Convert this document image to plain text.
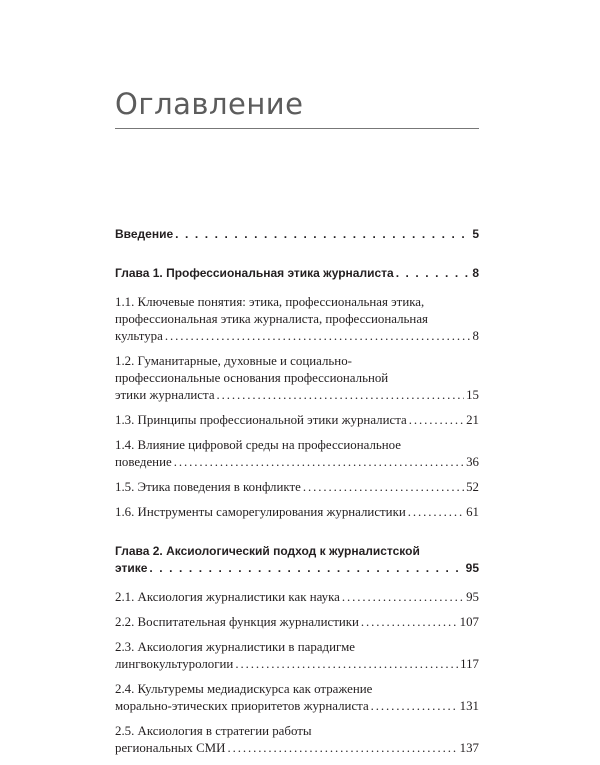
Оглавление
Введение . . .	5
Глава 1. Профессиональная этика журналиста . . .	8
1.1. Ключевые понятия: этика, профессиональная этика,
профессиональная этика журналиста, профессиональная
культура .....	8
1.2. Гуманитарные, духовные и социально-
профессиональные основания профессиональной
этики журналиста .....	15
1.3. Принципы профессиональной этики журналиста .....	21
1.4. Влияние цифровой среды на профессиональное
поведение .....	36
1.5. Этика поведения в конфликте .....	52
1.6. Инструменты саморегулирования журналистики .....	61
Глава 2. Аксиологический подход к журналистской
этике . . .	95
2.1. Аксиология журналистики как наука .....	95
2.2. Воспитательная функция журналистики .....	107
2.3. Аксиология журналистики в парадигме
лингвокультурологии .....	117
2.4. Культуремы медиадискурса как отражение
морально-этических приоритетов журналиста .....	131
2.5. Аксиология в стратегии работы
региональных СМИ .....	137
